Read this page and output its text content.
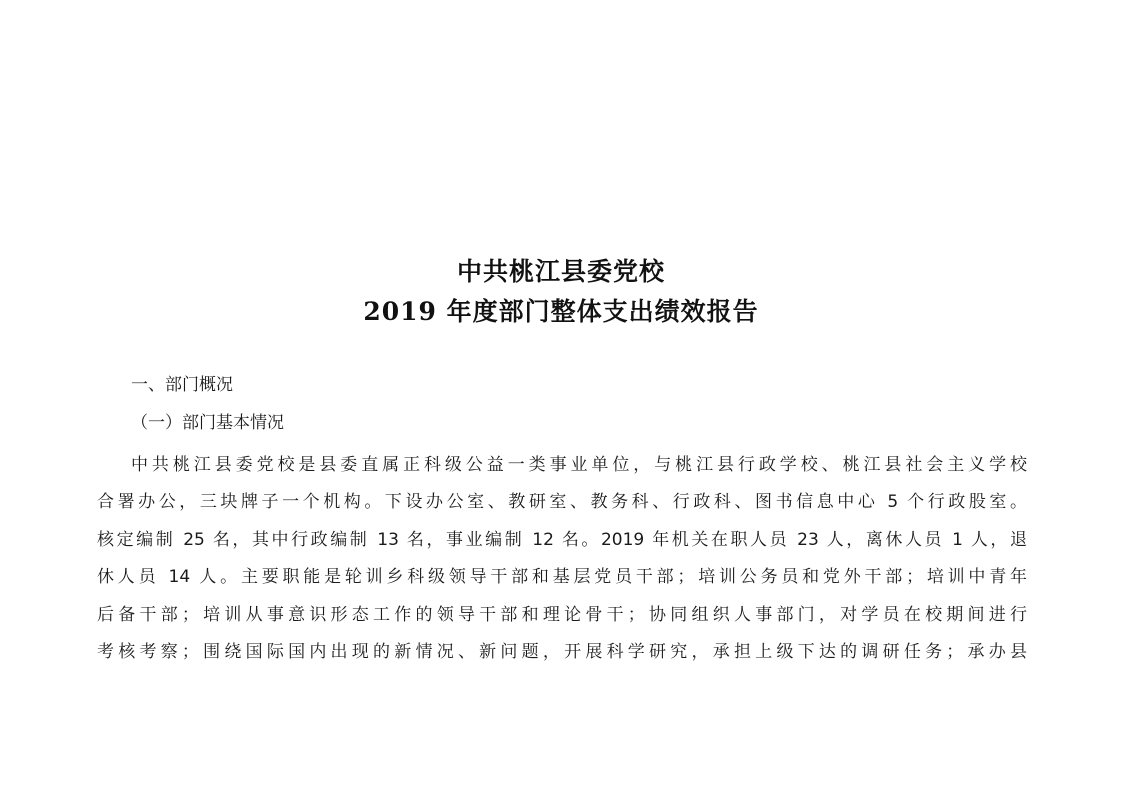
中共桃江县委党校
2019 年度部门整体支出绩效报告
一、部门概况
（一）部门基本情况
中共桃江县委党校是县委直属正科级公益一类事业单位，与桃江县行政学校、桃江县社会主义学校
合署办公，三块牌子一个机构。下设办公室、教研室、教务科、行政科、图书信息中心 5 个行政股室。
核定编制 25 名，其中行政编制 13 名，事业编制 12 名。2019 年机关在职人员 23 人，离休人员 1 人，退
休人员 14 人。主要职能是轮训乡科级领导干部和基层党员干部；培训公务员和党外干部；培训中青年
后备干部；培训从事意识形态工作的领导干部和理论骨干；协同组织人事部门，对学员在校期间进行
考核考察；围绕国际国内出现的新情况、新问题，开展科学研究，承担上级下达的调研任务；承办县
